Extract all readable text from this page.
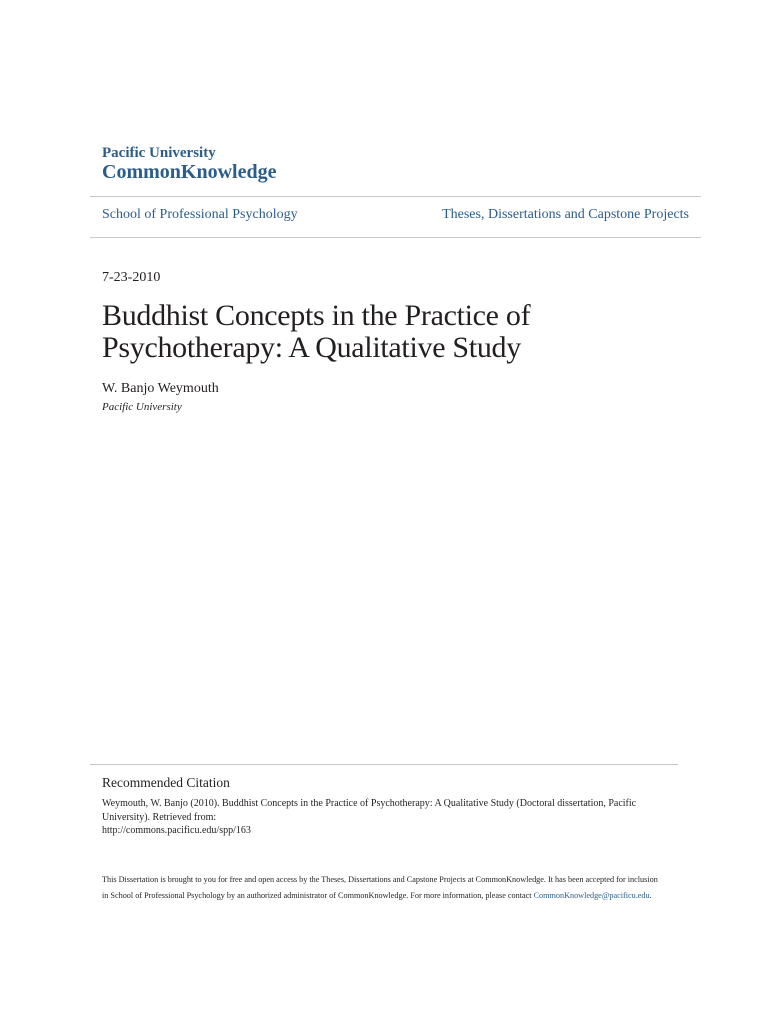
Pacific University
CommonKnowledge
School of Professional Psychology	Theses, Dissertations and Capstone Projects
7-23-2010
Buddhist Concepts in the Practice of
Psychotherapy: A Qualitative Study
W. Banjo Weymouth
Pacific University
Recommended Citation
Weymouth, W. Banjo (2010). Buddhist Concepts in the Practice of Psychotherapy: A Qualitative Study (Doctoral dissertation, Pacific University). Retrieved from:
http://commons.pacificu.edu/spp/163
This Dissertation is brought to you for free and open access by the Theses, Dissertations and Capstone Projects at CommonKnowledge. It has been accepted for inclusion in School of Professional Psychology by an authorized administrator of CommonKnowledge. For more information, please contact CommonKnowledge@pacificu.edu.
